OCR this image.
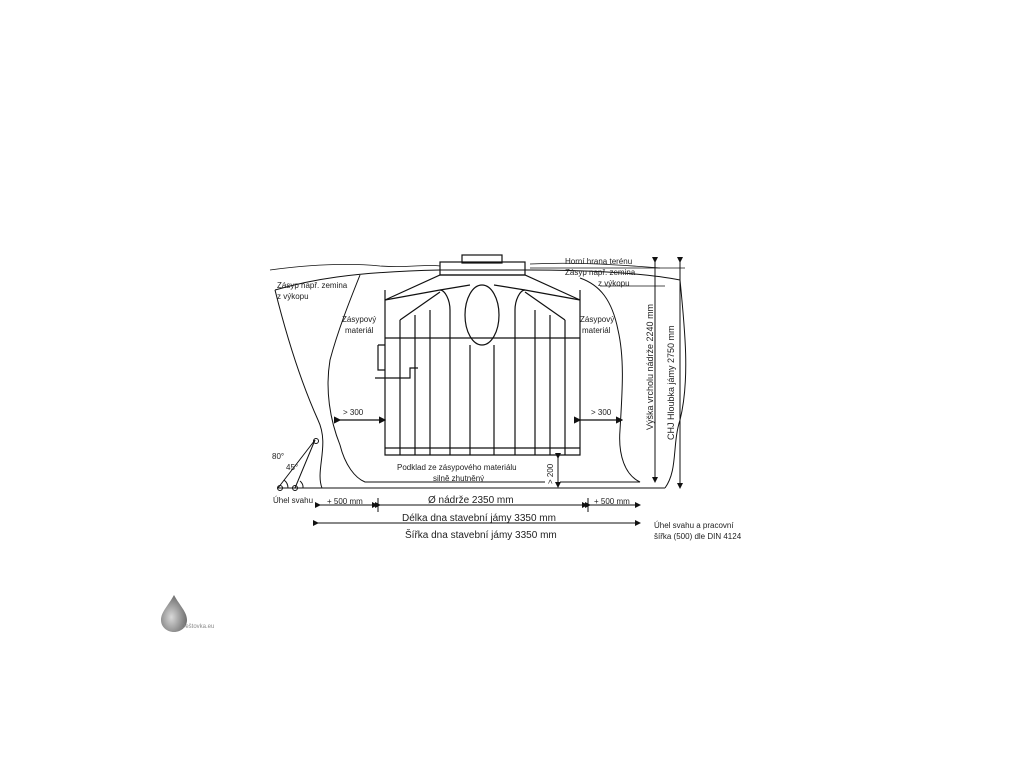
Zásyp např. zemina
z výkopu
Horní hrana terénu
Zásyp např. zemina
z výkopu
Zásypový
materiál
Zásypový
materiál
> 300	> 300
Podklad ze zásypového materiálu
silně zhutněný	> 200
80°
45°
Úhel svahu + 500 mm	Ø nádrže 2350 mm	+ 500 mm
Délka dna stavební jámy 3350 mm
Šířka dna stavební jámy 3350 mm
Výška vrcholu nádrže 2240 mm CHJ Hloubka jámy 2750 mm
Úhel svahu a pracovní
šířka (500) dle DIN 4124
Deštovka.eu
